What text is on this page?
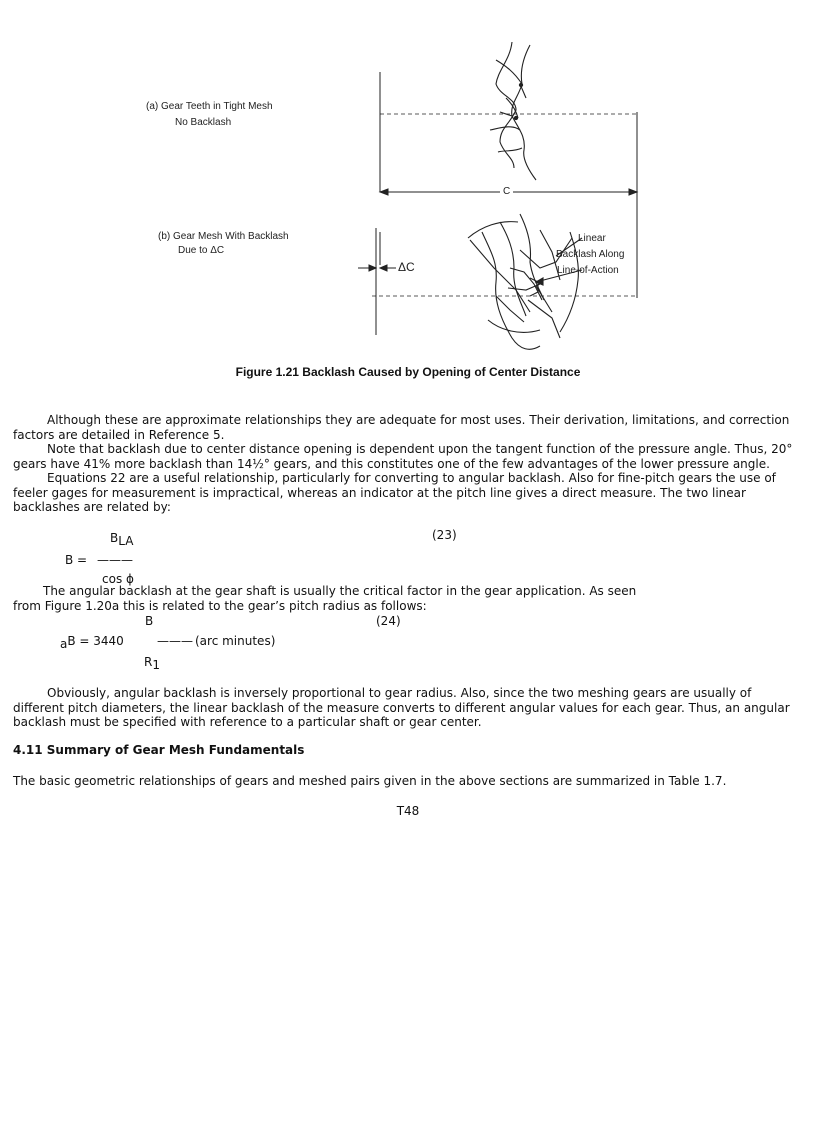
(a) Gear Teeth in Tight Mesh
No Backlash
(b) Gear Mesh With Backlash
Due to ΔC
C
ΔC
Linear
Backlash Along
Line-of-Action
Figure 1.21 Backlash Caused by Opening of Center Distance

Although these are approximate relationships they are adequate for most uses. Their derivation, limitations, and correction factors are detailed in Reference 5.

Note that backlash due to center distance opening is dependent upon the tangent function of the pressure angle. Thus, 20° gears have 41% more backlash than 14½° gears, and this constitutes one of the few advantages of the lower pressure angle.

Equations 22 are a useful relationship, particularly for converting to angular backlash. Also for fine-pitch gears the use of feeler gages for measurement is impractical, whereas an indicator at the pitch line gives a direct measure. The two linear backlashes are related by:

$B_{LA}$	(23)
B = ———
cos ϕ
The angular backlash at the gear shaft is usually the critical factor in the gear application. As seen
from Figure 1.20a this is related to the gear’s pitch radius as follows:
B	(24)
$_a$B = 3440	——— (arc minutes)
$R_1$

Obviously, angular backlash is inversely proportional to gear radius. Also, since the two meshing gears are usually of different pitch diameters, the linear backlash of the measure converts to different angular values for each gear. Thus, an angular backlash must be specified with reference to a particular shaft or gear center.

4.11 Summary of Gear Mesh Fundamentals
The basic geometric relationships of gears and meshed pairs given in the above sections are summarized in Table 1.7.
T48
